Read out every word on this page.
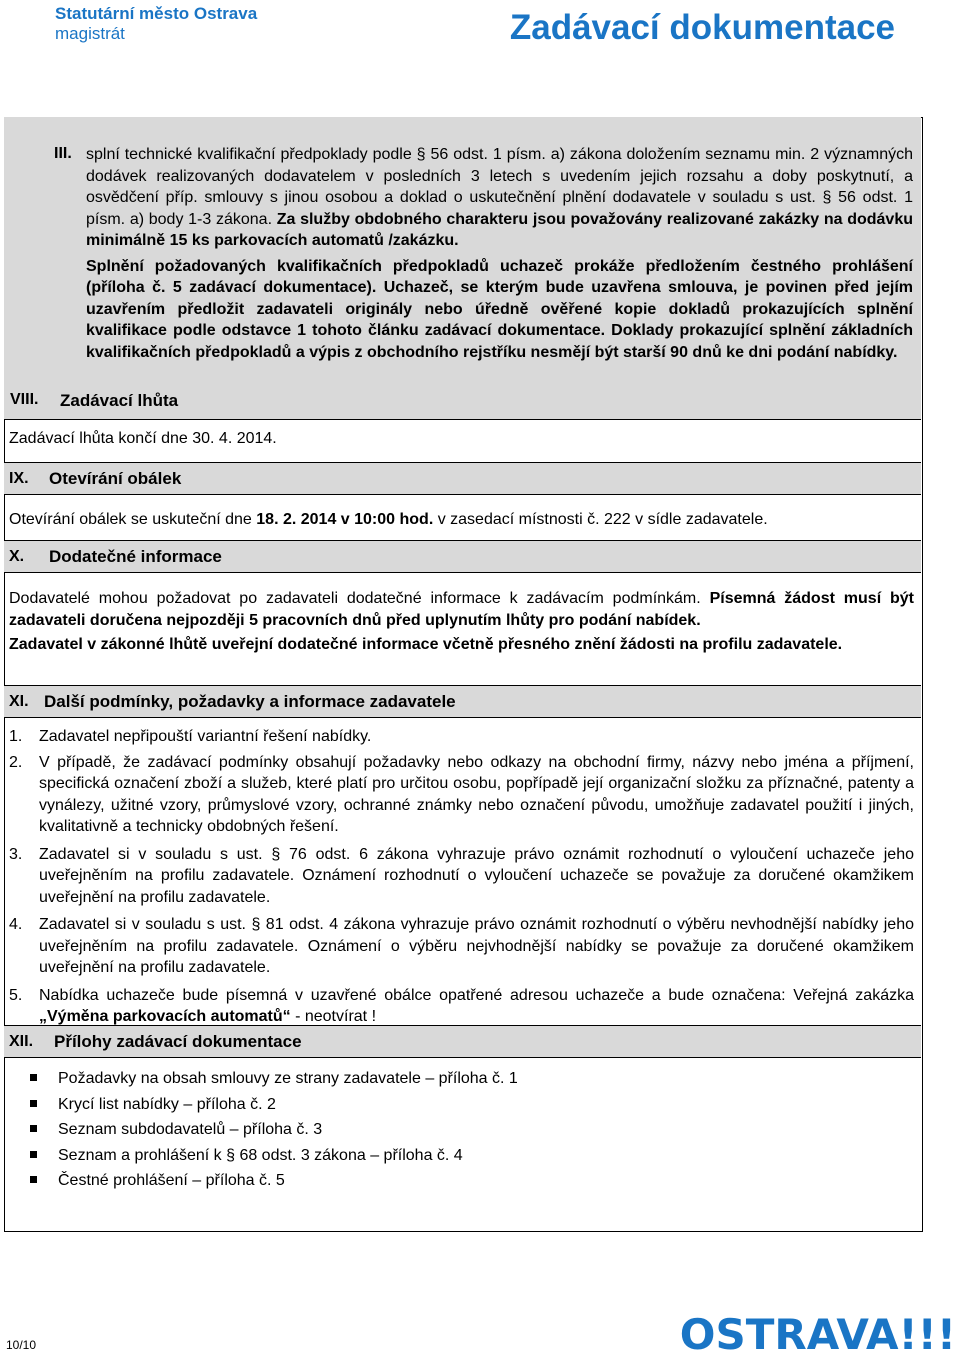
Statutární město Ostrava
magistrát	Zadávací dokumentace
III. splní technické kvalifikační předpoklady podle § 56 odst. 1 písm. a) zákona doložením seznamu min. 2 významných dodávek realizovaných dodavatelem v posledních 3 letech s uvedením jejich rozsahu a doby poskytnutí, a osvědčení příp. smlouvy s jinou osobou a doklad o uskutečnění plnění dodavatele v souladu s ust. § 56 odst. 1 písm. a) body 1-3 zákona. Za služby obdobného charakteru jsou považovány realizované zakázky na dodávku minimálně 15 ks parkovacích automatů /zakázku.

Splnění požadovaných kvalifikačních předpokladů uchazeč prokáže předložením čestného prohlášení (příloha č. 5 zadávací dokumentace). Uchazeč, se kterým bude uzavřena smlouva, je povinen před jejím uzavřením předložit zadavateli originály nebo úředně ověřené kopie dokladů prokazujících splnění kvalifikace podle odstavce 1 tohoto článku zadávací dokumentace. Doklady prokazující splnění základních kvalifikačních předpokladů a výpis z obchodního rejstříku nesmějí být starší 90 dnů ke dni podání nabídky.

VIII. Zadávací lhůta
Zadávací lhůta končí dne 30. 4. 2014.
IX. Otevírání obálek
Otevírání obálek se uskuteční dne 18. 2. 2014 v 10:00 hod. v zasedací místnosti č. 222 v sídle zadavatele.
X. Dodatečné informace

Dodavatelé mohou požadovat po zadavateli dodatečné informace k zadávacím podmínkám. Písemná žádost musí být zadavateli doručena nejpozději 5 pracovních dnů před uplynutím lhůty pro podání nabídek.

Zadavatel v zákonné lhůtě uveřejní dodatečné informace včetně přesného znění žádosti na profilu zadavatele.

XI. Další podmínky, požadavky a informace zadavatele
1. Zadavatel nepřipouští variantní řešení nabídky.
2. V případě, že zadávací podmínky obsahují požadavky nebo odkazy na obchodní firmy, názvy nebo jména a příjmení, specifická označení zboží a služeb, které platí pro určitou osobu, popřípadě její organizační složku za příznačné, patenty a vynálezy, užitné vzory, průmyslové vzory, ochranné známky nebo označení původu, umožňuje zadavatel použití i jiných, kvalitativně a technicky obdobných řešení.
3. Zadavatel si v souladu s ust. § 76 odst. 6 zákona vyhrazuje právo oznámit rozhodnutí o vyloučení uchazeče jeho uveřejněním na profilu zadavatele. Oznámení rozhodnutí o vyloučení uchazeče se považuje za doručené okamžikem uveřejnění na profilu zadavatele.
4. Zadavatel si v souladu s ust. § 81 odst. 4 zákona vyhrazuje právo oznámit rozhodnutí o výběru nevhodnější nabídky jeho uveřejněním na profilu zadavatele. Oznámení o výběru nejvhodnější nabídky se považuje za doručené okamžikem uveřejnění na profilu zadavatele.
5. Nabídka uchazeče bude písemná v uzavřené obálce opatřené adresou uchazeče a bude označena: Veřejná zakázka „Výměna parkovacích automatů“ - neotvírat !
XII. Přílohy zadávací dokumentace
Požadavky na obsah smlouvy ze strany zadavatele – příloha č. 1
Krycí list nabídky – příloha č. 2
Seznam subdodavatelů – příloha č. 3
Seznam a prohlášení k § 68 odst. 3 zákona – příloha č. 4
Čestné prohlášení – příloha č. 5
10/10	OSTRAVA!!!
